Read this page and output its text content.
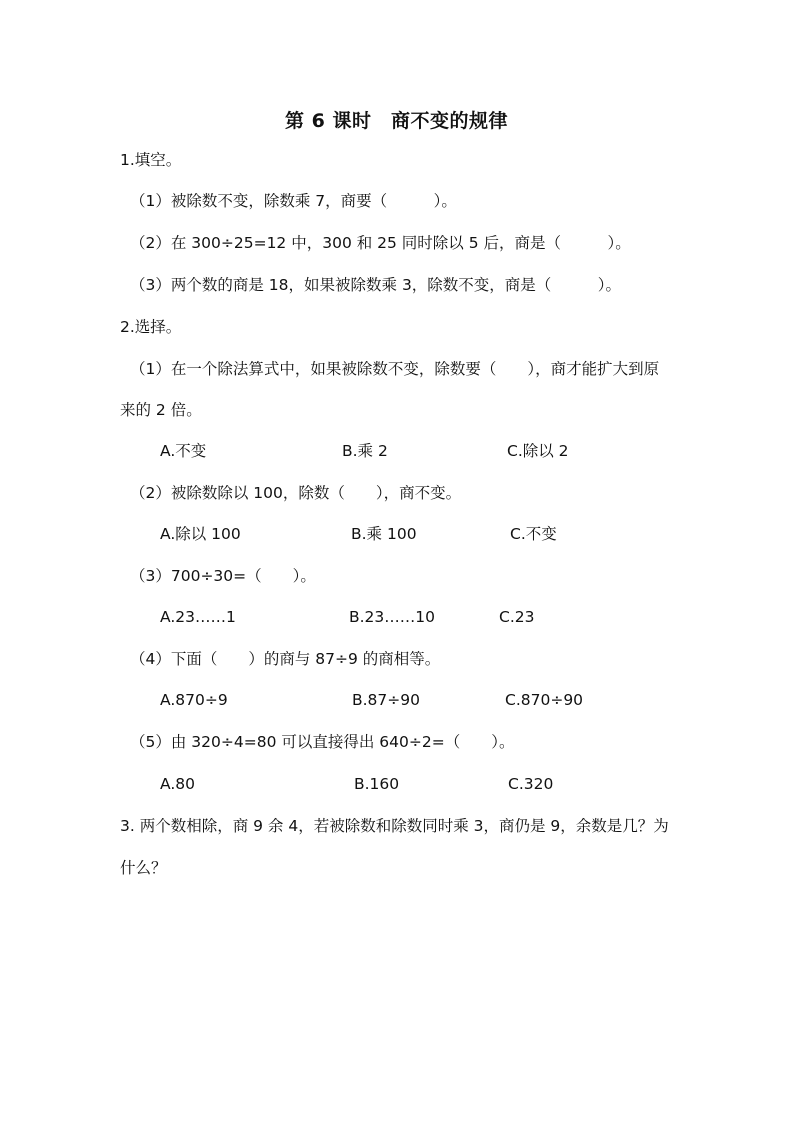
第 6 课时　商不变的规律
1.填空。
（1）被除数不变，除数乘 7，商要（　　　）。
（2）在 300÷25=12 中，300 和 25 同时除以 5 后，商是（　　　）。
（3）两个数的商是 18，如果被除数乘 3，除数不变，商是（　　　）。
2.选择。
（1）在一个除法算式中，如果被除数不变，除数要（　　），商才能扩大到原
来的 2 倍。
A.不变	B.乘 2	C.除以 2
（2）被除数除以 100，除数（　　），商不变。
A.除以 100	B.乘 100	C.不变
（3）700÷30=（　　）。
A.23……1	B.23……10	C.23
（4）下面（　　）的商与 87÷9 的商相等。
A.870÷9	B.87÷90	C.870÷90
（5）由 320÷4=80 可以直接得出 640÷2=（　　）。
A.80	B.160	C.320
3. 两个数相除，商 9 余 4，若被除数和除数同时乘 3，商仍是 9，余数是几？为
什么？
